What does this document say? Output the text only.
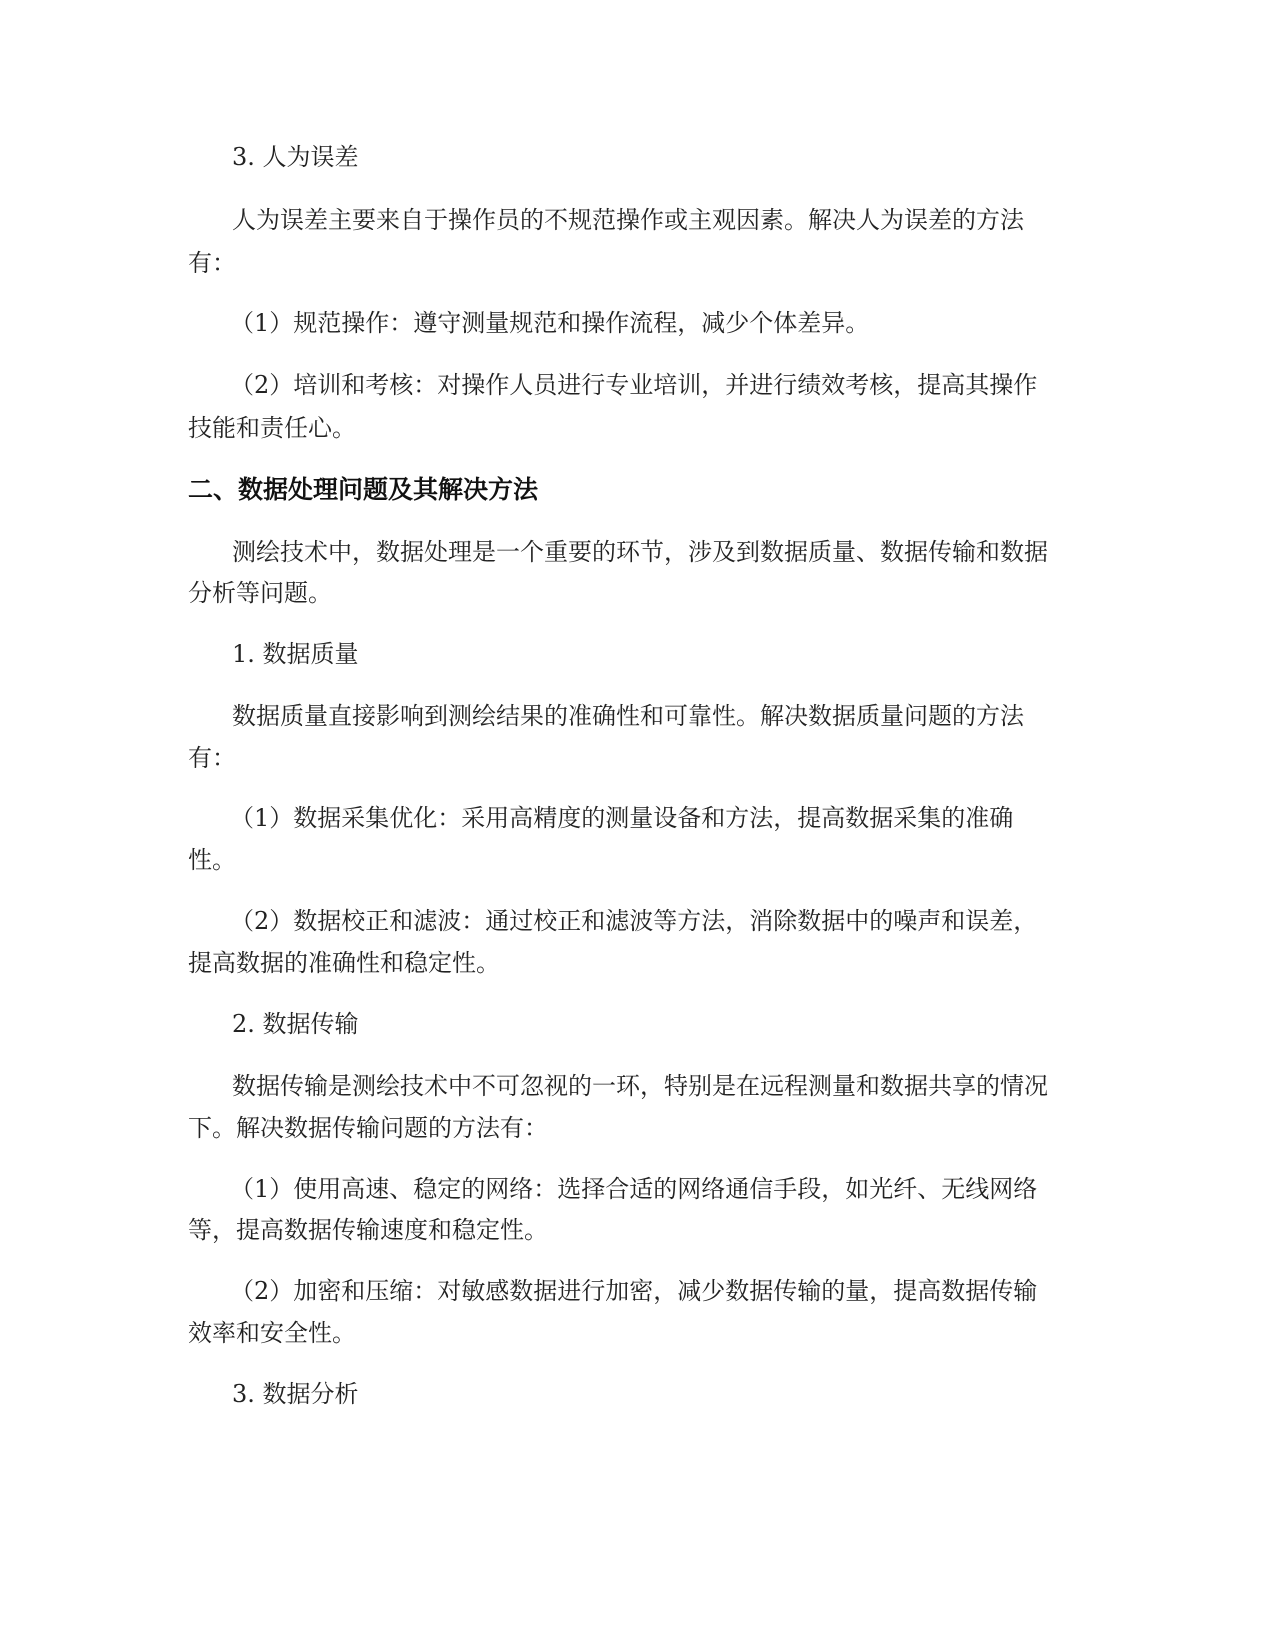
3. 人为误差
人为误差主要来自于操作员的不规范操作或主观因素。解决人为误差的方法
有：
（1）规范操作：遵守测量规范和操作流程，减少个体差异。
（2）培训和考核：对操作人员进行专业培训，并进行绩效考核，提高其操作
技能和责任心。
二、数据处理问题及其解决方法
测绘技术中，数据处理是一个重要的环节，涉及到数据质量、数据传输和数据
分析等问题。
1. 数据质量
数据质量直接影响到测绘结果的准确性和可靠性。解决数据质量问题的方法
有：
（1）数据采集优化：采用高精度的测量设备和方法，提高数据采集的准确
性。
（2）数据校正和滤波：通过校正和滤波等方法，消除数据中的噪声和误差，
提高数据的准确性和稳定性。
2. 数据传输
数据传输是测绘技术中不可忽视的一环，特别是在远程测量和数据共享的情况
下。解决数据传输问题的方法有：
（1）使用高速、稳定的网络：选择合适的网络通信手段，如光纤、无线网络
等，提高数据传输速度和稳定性。
（2）加密和压缩：对敏感数据进行加密，减少数据传输的量，提高数据传输
效率和安全性。
3. 数据分析
